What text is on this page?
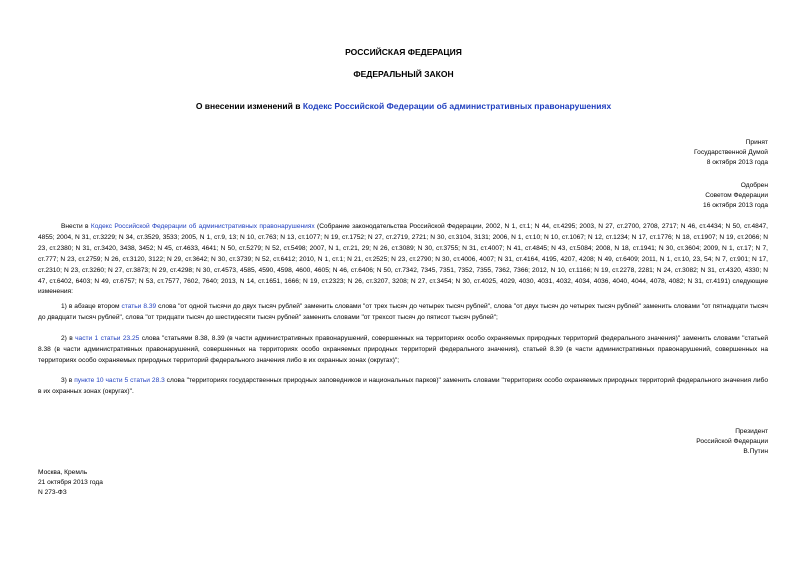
РОССИЙСКАЯ ФЕДЕРАЦИЯ
ФЕДЕРАЛЬНЫЙ ЗАКОН
О внесении изменений в Кодекс Российской Федерации об административных правонарушениях
Принят
Государственной Думой
8 октября 2013 года
Одобрен
Советом Федерации
16 октября 2013 года
Внести в Кодекс Российской Федерации об административных правонарушениях (Собрание законодательства Российской Федерации, 2002, N 1, ст.1; N 44, ст.4295; 2003, N 27, ст.2700, 2708, 2717; N 46, ст.4434; N 50, ст.4847, 4855; 2004, N 31, ст.3229; N 34, ст.3529, 3533; 2005, N 1, ст.9, 13; N 10, ст.763; N 13, ст.1077; N 19, ст.1752; N 27, ст.2719, 2721; N 30, ст.3104, 3131; 2006, N 1, ст.10; N 10, ст.1067; N 12, ст.1234; N 17, ст.1776; N 18, ст.1907; N 19, ст.2066; N 23, ст.2380; N 31, ст.3420, 3438, 3452; N 45, ст.4633, 4641; N 50, ст.5279; N 52, ст.5498; 2007, N 1, ст.21, 29; N 26, ст.3089; N 30, ст.3755; N 31, ст.4007; N 41, ст.4845; N 43, ст.5084; 2008, N 18, ст.1941; N 30, ст.3604; 2009, N 1, ст.17; N 7, ст.777; N 23, ст.2759; N 26, ст.3120, 3122; N 29, ст.3642; N 30, ст.3739; N 52, ст.6412; 2010, N 1, ст.1; N 21, ст.2525; N 23, ст.2790; N 30, ст.4006, 4007; N 31, ст.4164, 4195, 4207, 4208; N 49, ст.6409; 2011, N 1, ст.10, 23, 54; N 7, ст.901; N 17, ст.2310; N 23, ст.3260; N 27, ст.3873; N 29, ст.4298; N 30, ст.4573, 4585, 4590, 4598, 4600, 4605; N 46, ст.6406; N 50, ст.7342, 7345, 7351, 7352, 7355, 7362, 7366; 2012, N 10, ст.1166; N 19, ст.2278, 2281; N 24, ст.3082; N 31, ст.4320, 4330; N 47, ст.6402, 6403; N 49, ст.6757; N 53, ст.7577, 7602, 7640; 2013, N 14, ст.1651, 1666; N 19, ст.2323; N 26, ст.3207, 3208; N 27, ст.3454; N 30, ст.4025, 4029, 4030, 4031, 4032, 4034, 4036, 4040, 4044, 4078, 4082; N 31, ст.4191) следующие изменения:
1) в абзаце втором статьи 8.39 слова "от одной тысячи до двух тысяч рублей" заменить словами "от трех тысяч до четырех тысяч рублей", слова "от двух тысяч до четырех тысяч рублей" заменить словами "от пятнадцати тысяч до двадцати тысяч рублей", слова "от тридцати тысяч до шестидесяти тысяч рублей" заменить словами "от трехсот тысяч до пятисот тысяч рублей";
2) в части 1 статьи 23.25 слова "статьями 8.38, 8.39 (в части административных правонарушений, совершенных на территориях особо охраняемых природных территорий федерального значения)" заменить словами "статьей 8.38 (в части административных правонарушений, совершенных на территориях особо охраняемых природных территорий федерального значения), статьей 8.39 (в части административных правонарушений, совершенных на территориях особо охраняемых природных территорий федерального значения либо в их охранных зонах (округах)";
3) в пункте 10 части 5 статьи 28.3 слова "территориях государственных природных заповедников и национальных парков)" заменить словами "территориях особо охраняемых природных территорий федерального значения либо в их охранных зонах (округах)".
Президент
Российской Федерации
В.Путин
Москва, Кремль
21 октября 2013 года
N 273-ФЗ
